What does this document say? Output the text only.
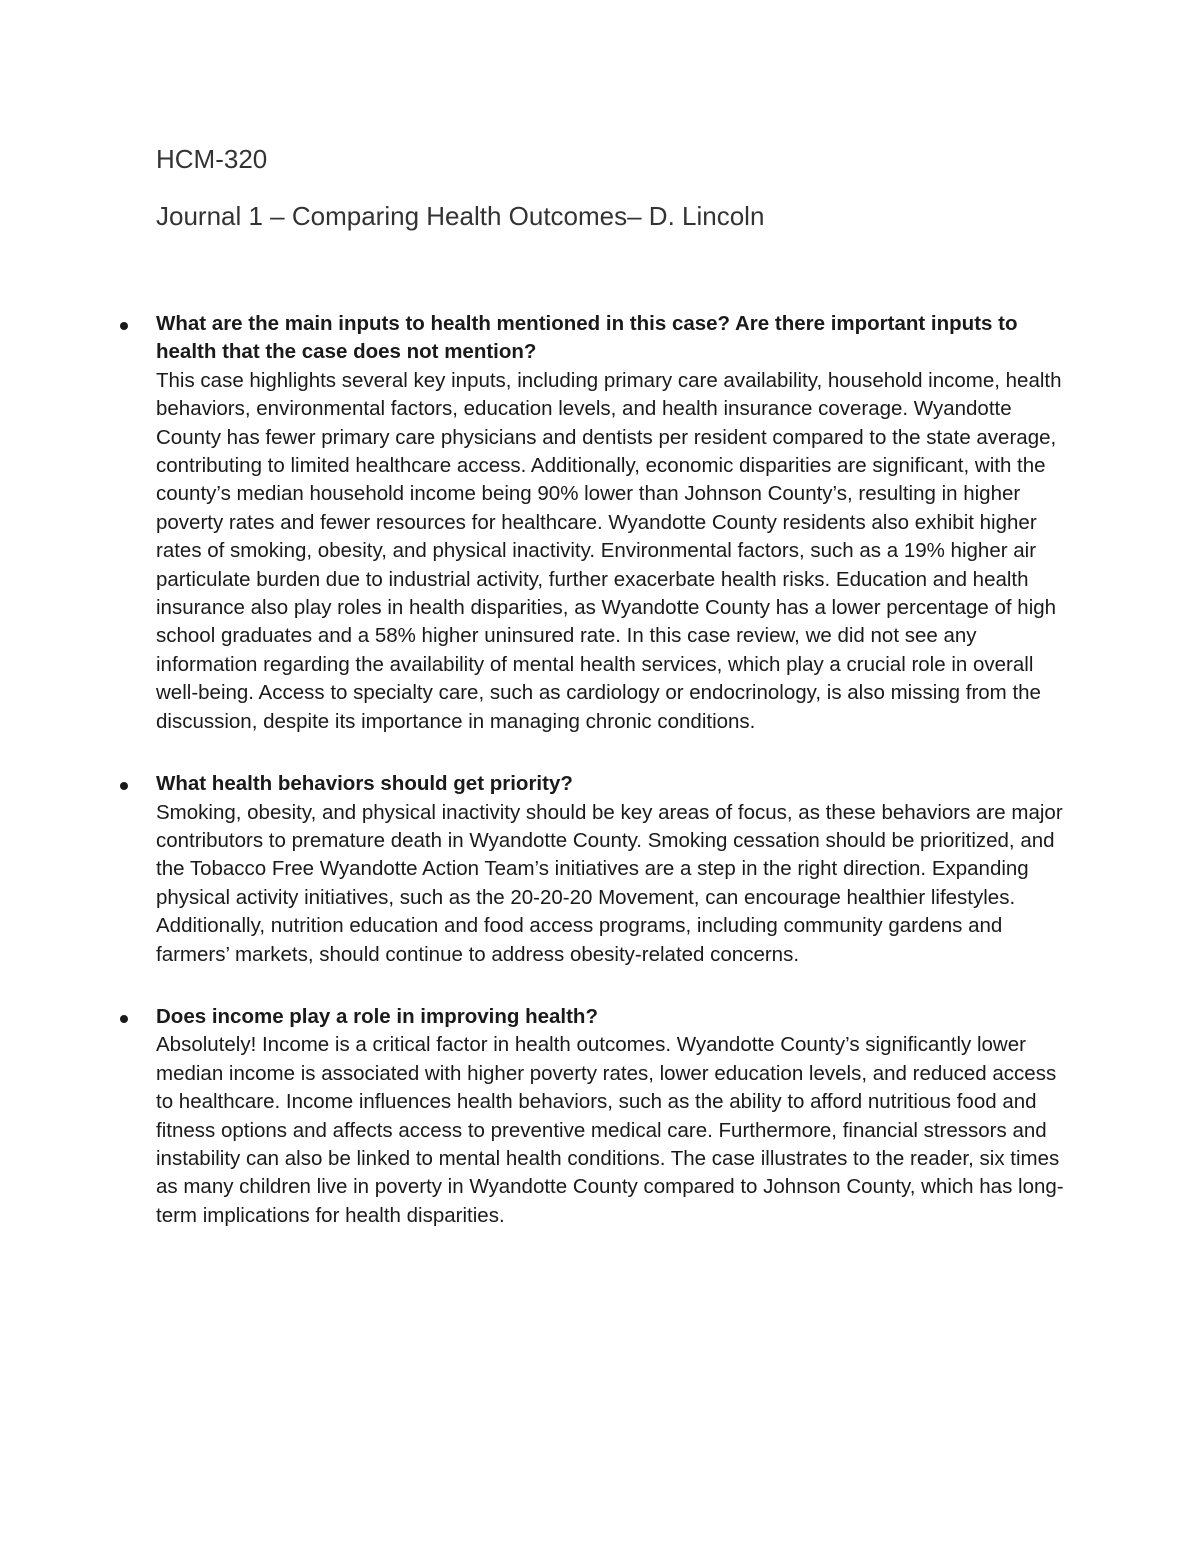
HCM-320
Journal 1 – Comparing Health Outcomes– D. Lincoln

What are the main inputs to health mentioned in this case? Are there important inputs to health that the case does not mention?

This case highlights several key inputs, including primary care availability, household income, health behaviors, environmental factors, education levels, and health insurance coverage. Wyandotte County has fewer primary care physicians and dentists per resident compared to the state average, contributing to limited healthcare access. Additionally, economic disparities are significant, with the county’s median household income being 90% lower than Johnson County’s, resulting in higher poverty rates and fewer resources for healthcare. Wyandotte County residents also exhibit higher rates of smoking, obesity, and physical inactivity. Environmental factors, such as a 19% higher air particulate burden due to industrial activity, further exacerbate health risks. Education and health insurance also play roles in health disparities, as Wyandotte County has a lower percentage of high school graduates and a 58% higher uninsured rate. In this case review, we did not see any information regarding the availability of mental health services, which play a crucial role in overall well-being. Access to specialty care, such as cardiology or endocrinology, is also missing from the discussion, despite its importance in managing chronic conditions.

What health behaviors should get priority?

Smoking, obesity, and physical inactivity should be key areas of focus, as these behaviors are major contributors to premature death in Wyandotte County. Smoking cessation should be prioritized, and the Tobacco Free Wyandotte Action Team’s initiatives are a step in the right direction. Expanding physical activity initiatives, such as the 20-20-20 Movement, can encourage healthier lifestyles. Additionally, nutrition education and food access programs, including community gardens and farmers’ markets, should continue to address obesity-related concerns.

Does income play a role in improving health?

Absolutely! Income is a critical factor in health outcomes. Wyandotte County’s significantly lower median income is associated with higher poverty rates, lower education levels, and reduced access to healthcare. Income influences health behaviors, such as the ability to afford nutritious food and fitness options and affects access to preventive medical care. Furthermore, financial stressors and instability can also be linked to mental health conditions. The case illustrates to the reader, six times as many children live in poverty in Wyandotte County compared to Johnson County, which has long-term implications for health disparities.
